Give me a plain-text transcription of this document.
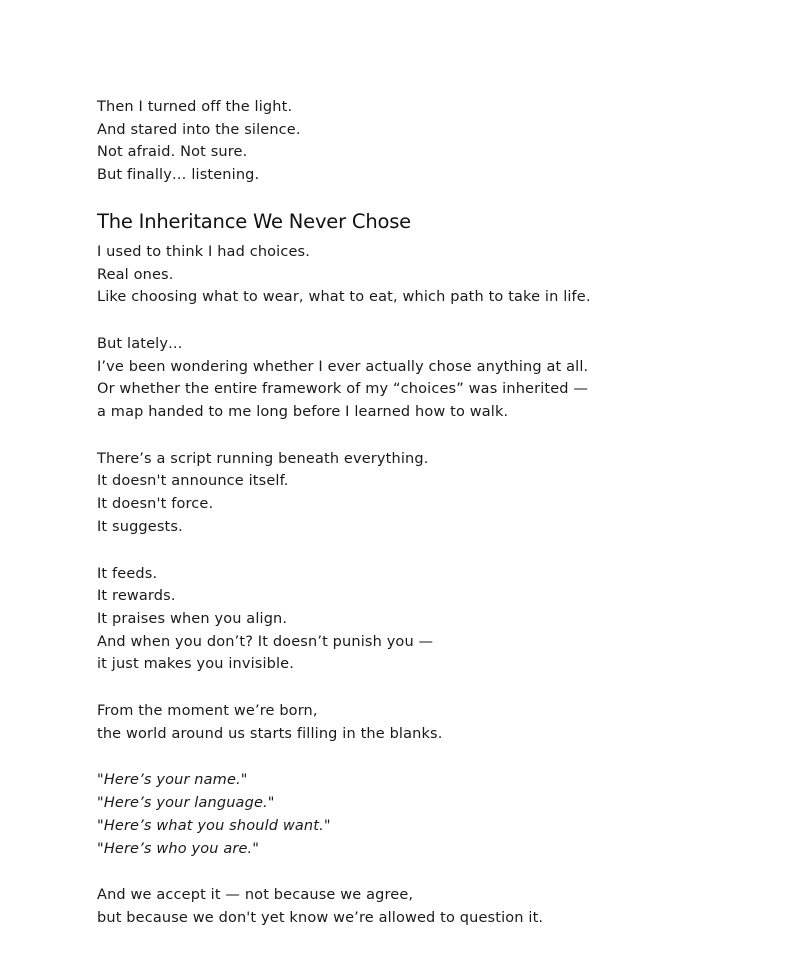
Then I turned off the light.
And stared into the silence.
Not afraid. Not sure.
But finally… listening.
The Inheritance We Never Chose
I used to think I had choices.
Real ones.
Like choosing what to wear, what to eat, which path to take in life.
But lately…
I’ve been wondering whether I ever actually chose anything at all.
Or whether the entire framework of my “choices” was inherited —
a map handed to me long before I learned how to walk.
There’s a script running beneath everything.
It doesn't announce itself.
It doesn't force.
It suggests.
It feeds.
It rewards.
It praises when you align.
And when you don’t? It doesn’t punish you —
it just makes you invisible.
From the moment we’re born,
the world around us starts filling in the blanks.
"Here’s your name."
"Here’s your language."
"Here’s what you should want."
"Here’s who you are."
And we accept it — not because we agree,
but because we don't yet know we’re allowed to question it.
